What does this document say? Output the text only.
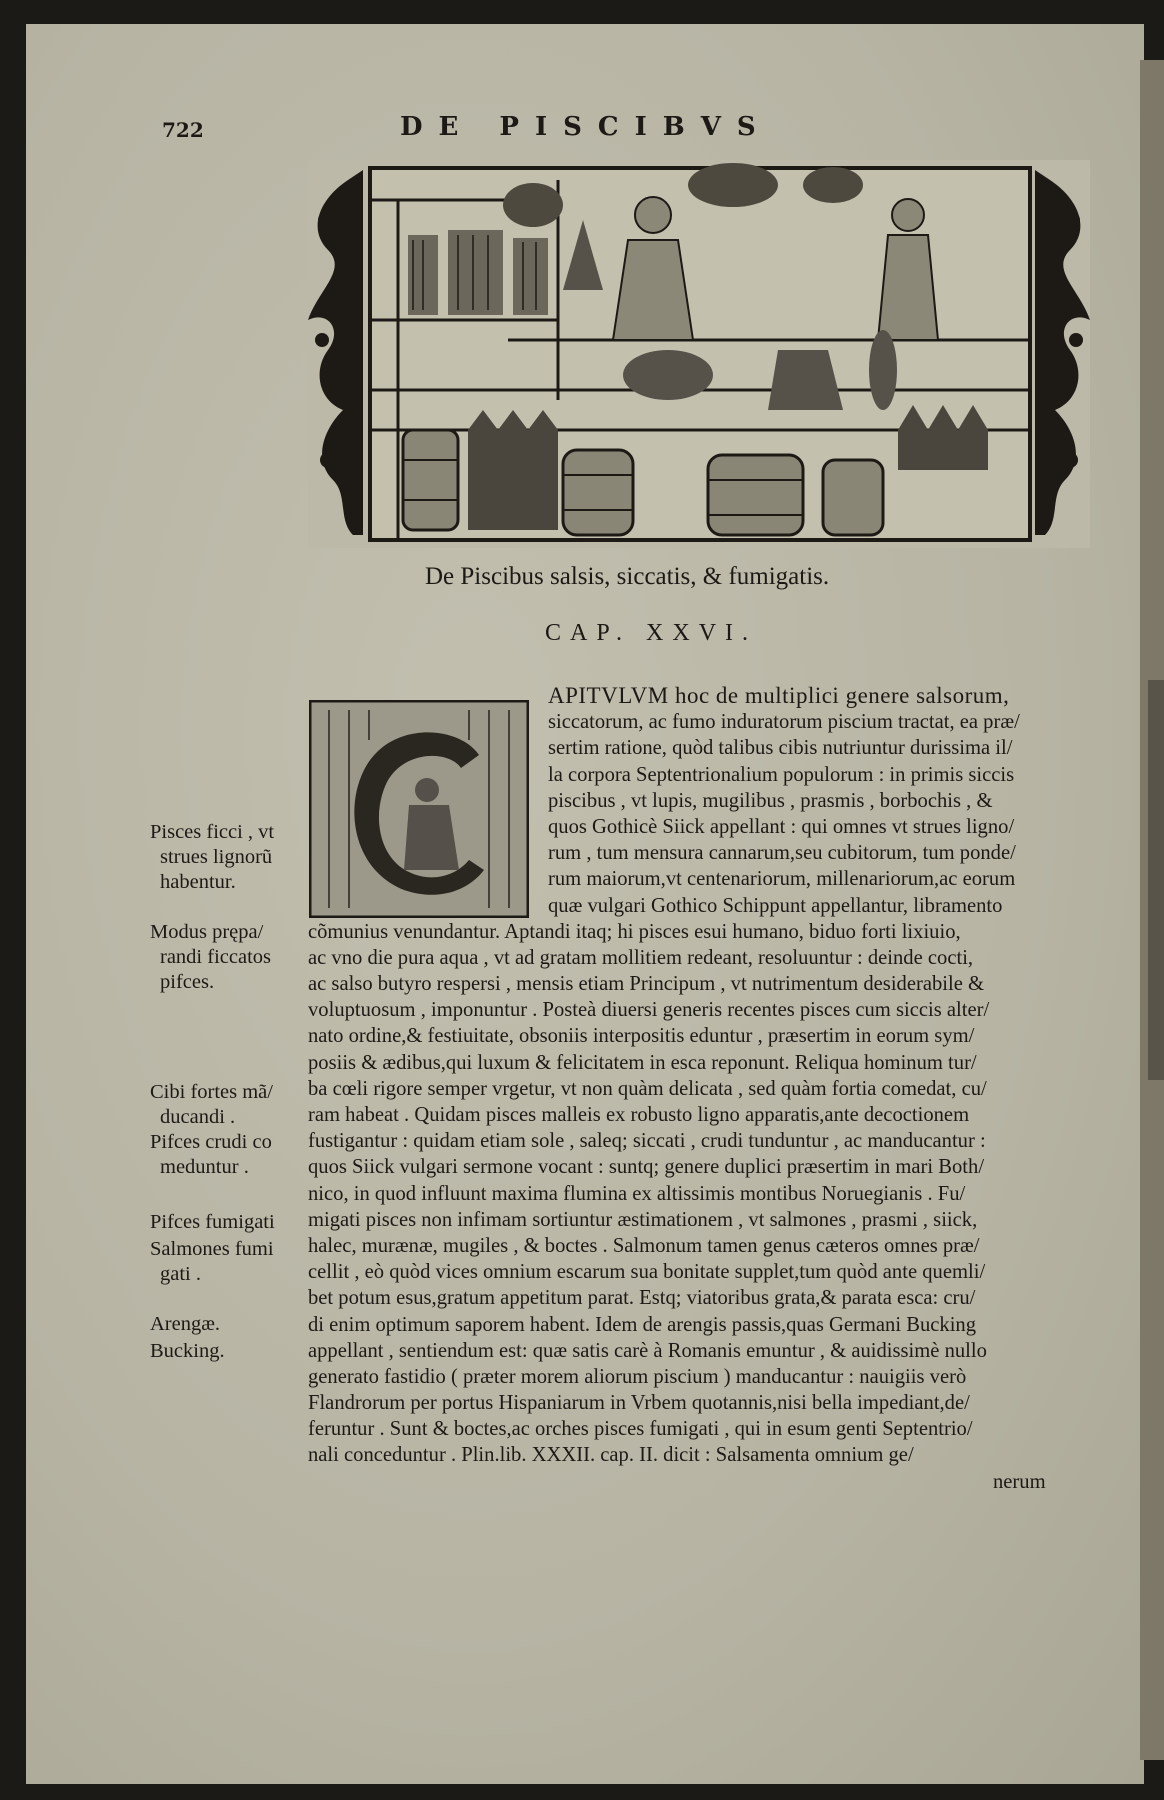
722	DE PISCIBVS
De Piscibus salsis, siccatis, & fumigatis.
CAP. XXVI.
APITVLVM hoc de multiplici genere salsorum,
siccatorum, ac fumo induratorum piscium tractat, ea præ/
sertim ratione, quòd talibus cibis nutriuntur durissima il/
la corpora Septentrionalium populorum : in primis siccis
piscibus , vt lupis, mugilibus , prasmis , borbochis , &
quos Gothicè Siick appellant : qui omnes vt strues ligno/
rum , tum mensura cannarum,seu cubitorum, tum ponde/
rum maiorum,vt centenariorum, millenariorum,ac eorum
quæ vulgari Gothico Schippunt appellantur, libramento
cõmunius venundantur. Aptandi itaq; hi pisces esui humano, biduo forti lixiuio,
ac vno die pura aqua , vt ad gratam mollitiem redeant, resoluuntur : deinde cocti,
ac salso butyro respersi , mensis etiam Principum , vt nutrimentum desiderabile &
voluptuosum , imponuntur . Posteà diuersi generis recentes pisces cum siccis alter/
nato ordine,& festiuitate, obsoniis interpositis eduntur , præsertim in eorum sym/
posiis & ædibus,qui luxum & felicitatem in esca reponunt. Reliqua hominum tur/
ba cœli rigore semper vrgetur, vt non quàm delicata , sed quàm fortia comedat, cu/
ram habeat . Quidam pisces malleis ex robusto ligno apparatis,ante decoctionem
fustigantur : quidam etiam sole , saleq; siccati , crudi tunduntur , ac manducantur :
quos Siick vulgari sermone vocant : suntq; genere duplici præsertim in mari Both/
nico, in quod influunt maxima flumina ex altissimis montibus Noruegianis . Fu/
migati pisces non infimam sortiuntur æstimationem , vt salmones , prasmi , siick,
halec, murænæ, mugiles , & boctes . Salmonum tamen genus cæteros omnes præ/
cellit , eò quòd vices omnium escarum sua bonitate supplet,tum quòd ante quemli/
bet potum esus,gratum appetitum parat. Estq; viatoribus grata,& parata esca: cru/
di enim optimum saporem habent. Idem de arengis passis,quas Germani Bucking
appellant , sentiendum est: quæ satis carè à Romanis emuntur , & auidissimè nullo
generato fastidio ( præter morem aliorum piscium ) manducantur : nauigiis verò
Flandrorum per portus Hispaniarum in Vrbem quotannis,nisi bella impediant,de/
feruntur . Sunt & boctes,ac orches pisces fumigati , qui in esum genti Septentrio/
nali conceduntur . Plin.lib. XXXII. cap. II. dicit : Salsamenta omnium ge/
nerum
Pisces ficci , vt
strues lignorũ
habentur.
Modus prępa/
randi ficcatos
pifces.
Cibi fortes mã/
ducandi .
Pifces crudi co
meduntur .
Pifces fumigati
Salmones fumi
gati .
Arengæ.
Bucking.
